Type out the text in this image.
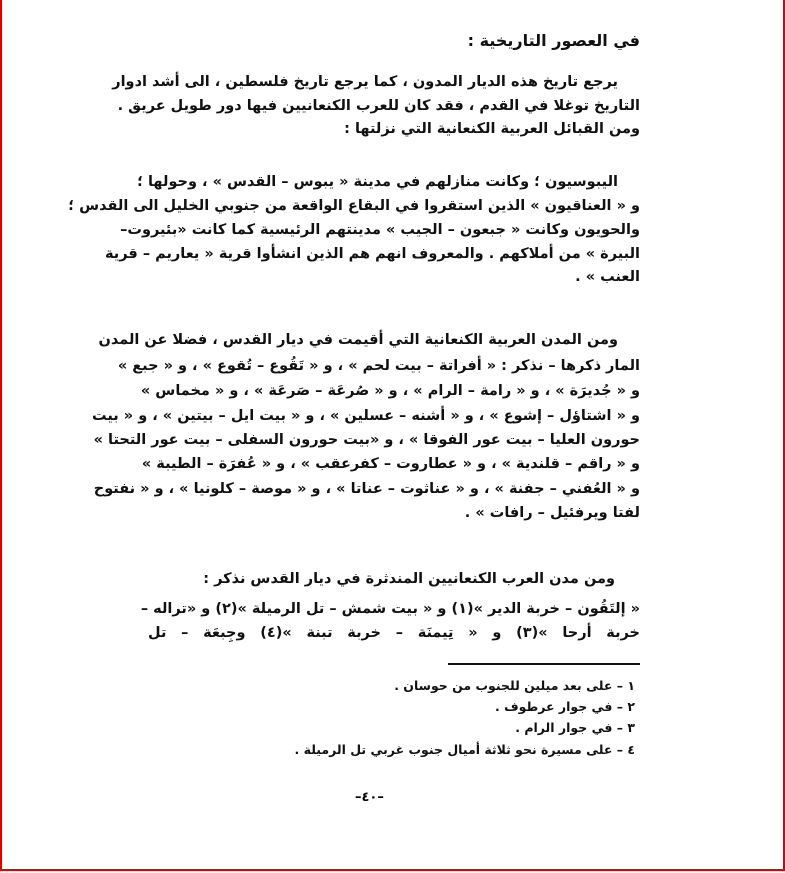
في العصور التاريخية :
يرجع تاريخ هذه الديار المدون ، كما يرجع تاريخ فلسطين ، الى أشد ادوار
التاريخ توغلا في القدم ، فقد كان للعرب الكنعانيين فيها دور طويل عريق .
ومن القبائل العربية الكنعانية التي نزلتها :
اليبوسيون ؛ وكانت منازلهم في مدينة « يبوس – القدس » ، وحولها ؛
و « العناقيون » الذين استقروا في البقاع الواقعة من جنوبي الخليل الى القدس ؛
والحويون وكانت « جبعون – الجيب » مدينتهم الرئيسية كما كانت «بئيروت–
البيرة » من أملاكهم . والمعروف انهم هم الذين انشأوا قرية « يعاريم – قرية
العنب » .
ومن المدن العربية الكنعانية التي أقيمت في ديار القدس ، فضلا عن المدن
المار ذكرها – نذكر : « أفراتة – بيت لحم » ، و « تَقُوع – تُقوع » ، و « جبع »
و « جُديرَة » ، و « رامة – الرام » ، و « صُرعَة – صَرعَة » ، و « مخماس »
و « اشتاؤل – إشوع » ، و « أشنه – عسلين » ، و « بيت ايل – بيتين » ، و « بيت
حورون العليا – بيت عور الفوقا » ، و «بيت حورون السفلى – بيت عور التحتا »
و « راقم – قلندية » ، و « عطاروت – كفرعقب » ، و « عُفرَة – الطيبة »
و « العُفني – جفنة » ، و « عناثوت – عناتا » ، و « موصة – كلونيا » ، و « نفتوح
لفتا ويرفئيل – رافات » .
ومن مدن العرب الكنعانيين المندثرة في ديار القدس نذكر :
« إلتَقُون – خربة الدير »(١) و « بيت شمش – تل الرميلة »(٢) و «تراله –
خربة أرحا »(٣) و « تِيمنَة – خربة تبنة »(٤) وجِبعَة – تل
١ – على بعد ميلين للجنوب من حوسان .
٢ – في جوار عرطوف .
٣ – في جوار الرام .
٤ – على مسيرة نحو ثلاثة أميال جنوب غربي تل الرميلة .
–٤٠–
